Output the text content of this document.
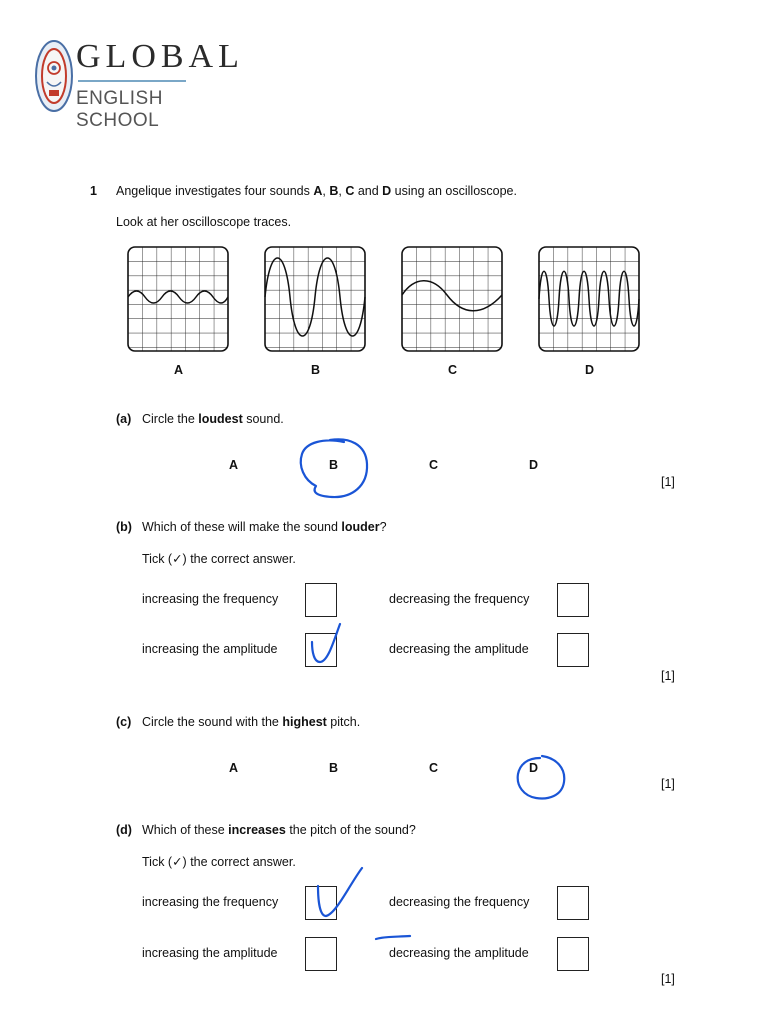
GLOBAL
ENGLISH SCHOOL
1 Angelique investigates four sounds A, B, C and D using an oscilloscope.
Look at her oscilloscope traces.
A	B	C	D
(a) Circle the loudest sound.
A	B	C	D
[1]
(b) Which of these will make the sound louder?
Tick (✓) the correct answer.
increasing the frequency	decreasing the frequency
increasing the amplitude	decreasing the amplitude
[1]
(c) Circle the sound with the highest pitch.
A	B	C	D
[1]
(d) Which of these increases the pitch of the sound?
Tick (✓) the correct answer.
increasing the frequency	decreasing the frequency
increasing the amplitude	decreasing the amplitude
[1]
